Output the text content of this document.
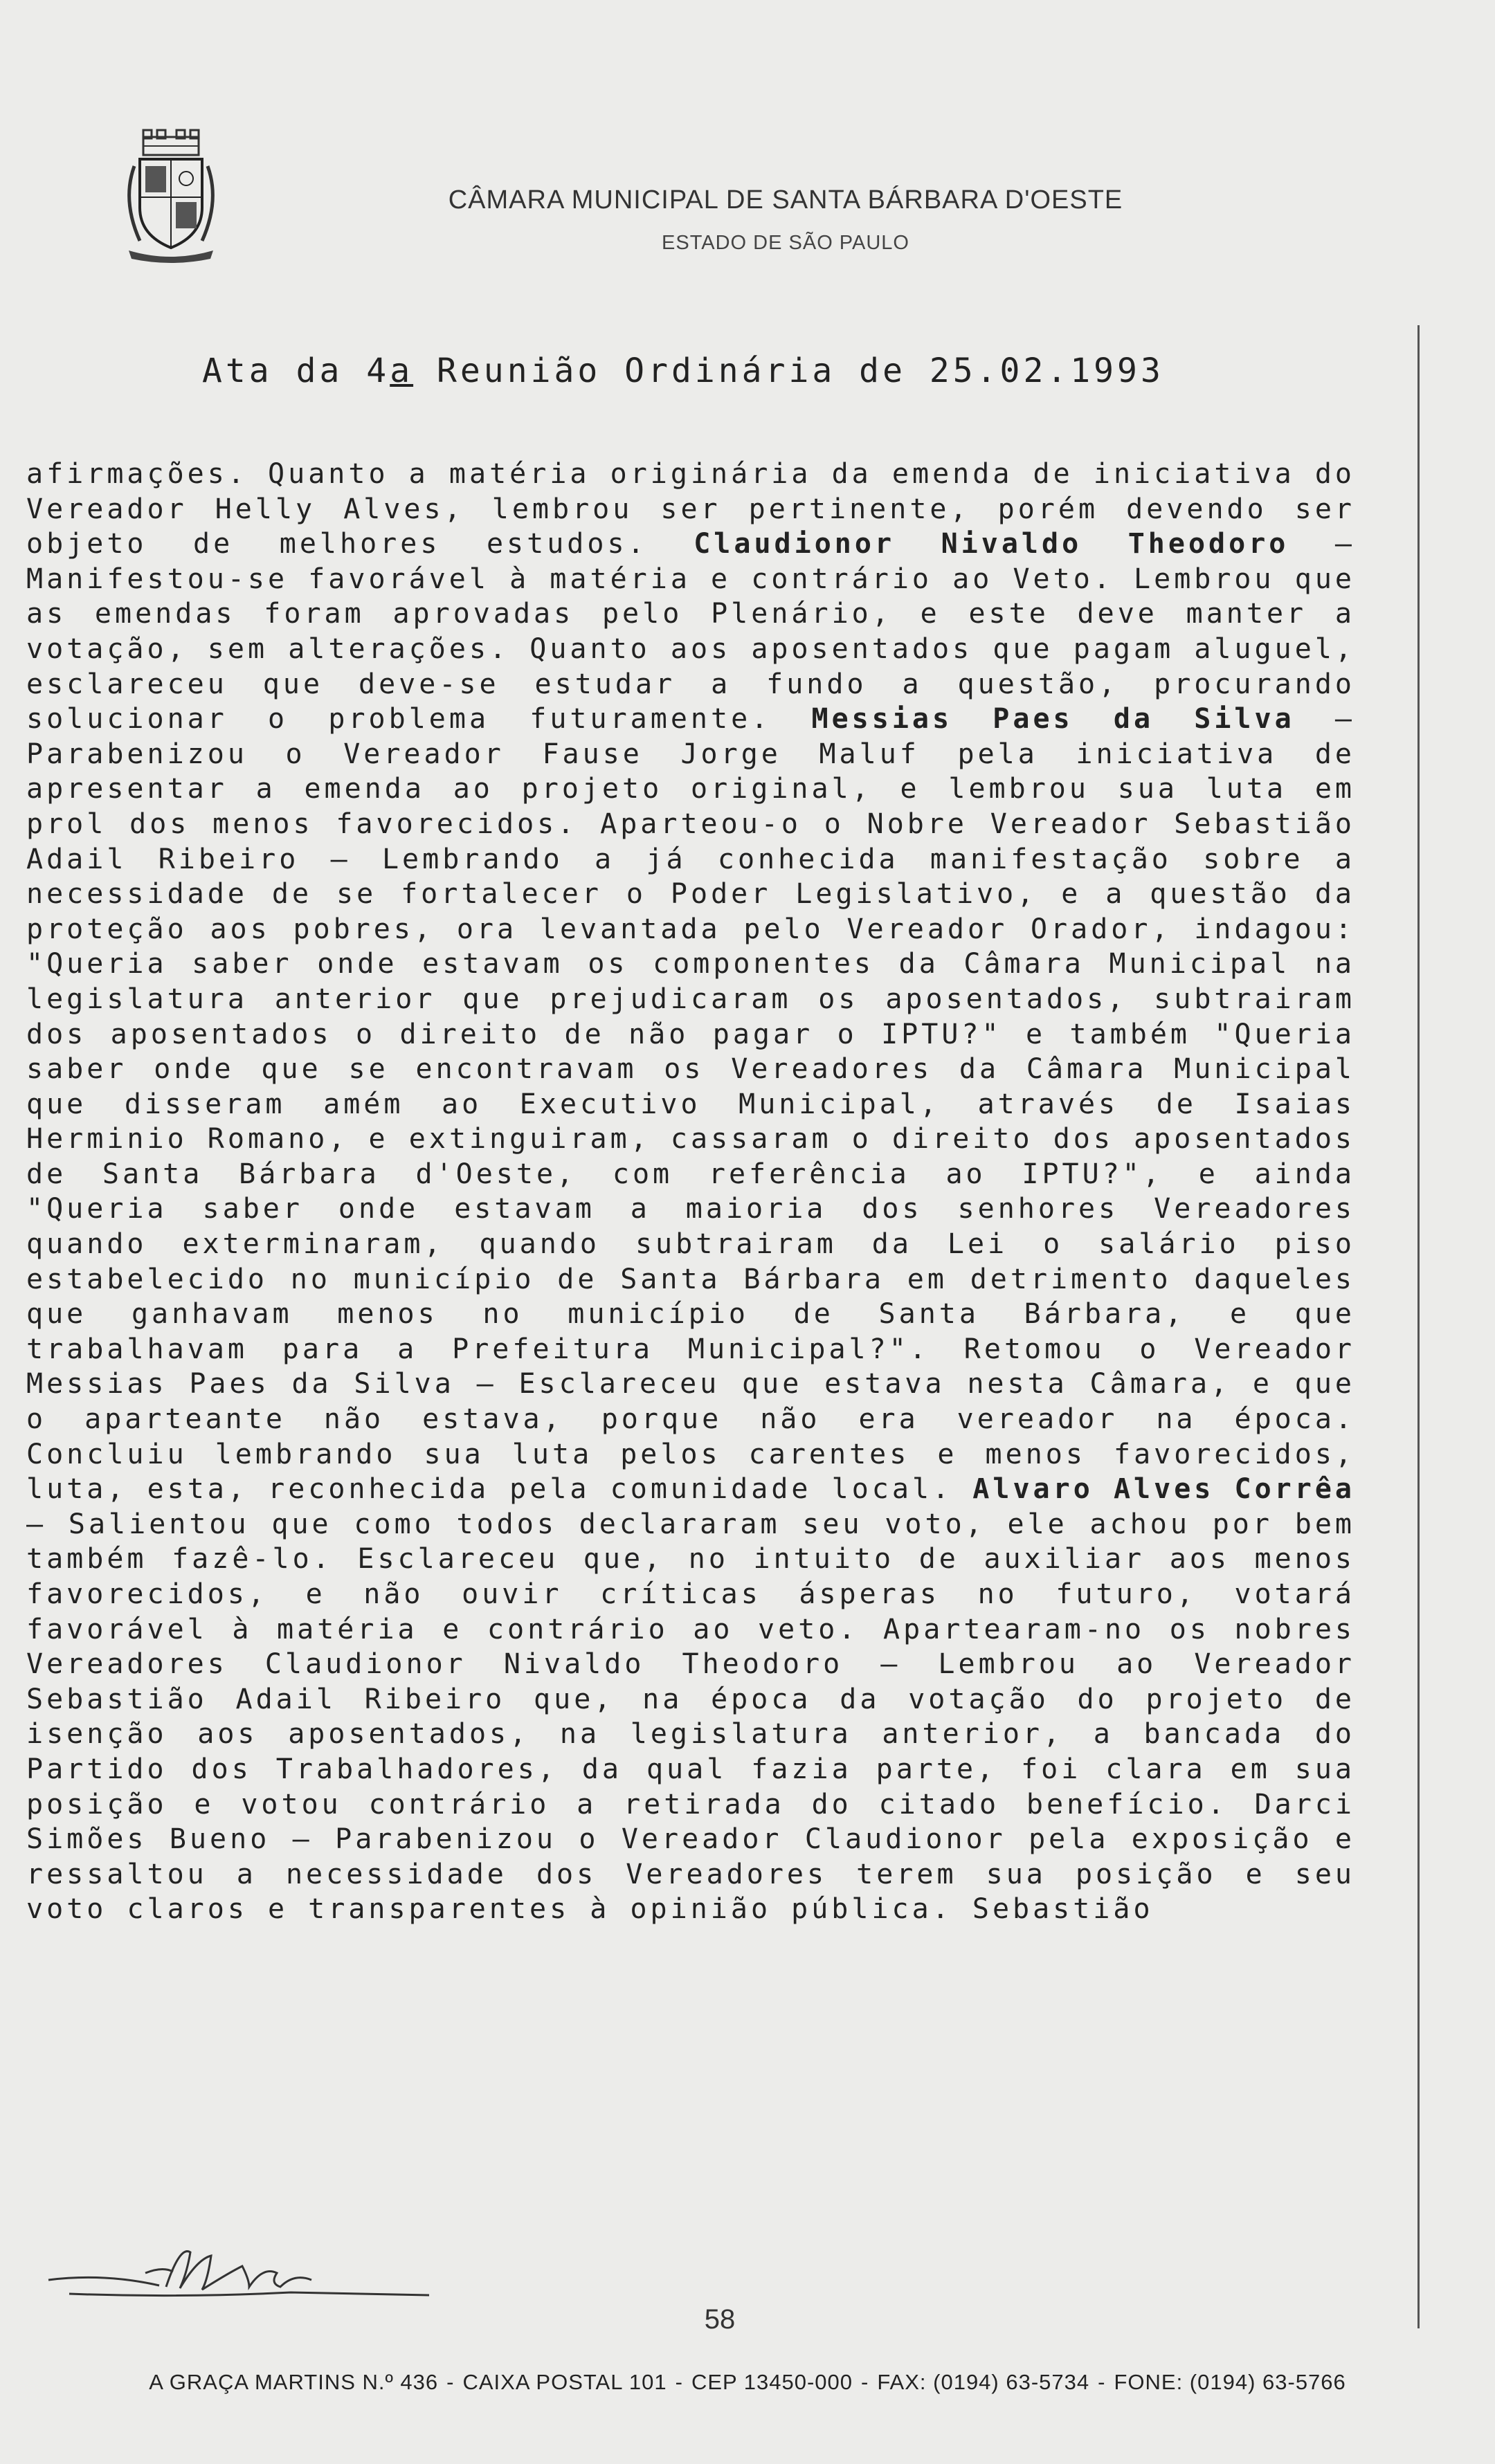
CÂMARA MUNICIPAL DE SANTA BÁRBARA D'OESTE
ESTADO DE SÃO PAULO
Ata da 4a Reunião Ordinária de 25.02.1993
afirmações. Quanto a matéria originária da emenda de iniciativa do Vereador Helly Alves, lembrou ser pertinente, porém devendo ser objeto de melhores estudos. Claudionor Nivaldo Theodoro – Manifestou-se favorável à matéria e contrário ao Veto. Lembrou que as emendas foram aprovadas pelo Plenário, e este deve manter a votação, sem alterações. Quanto aos aposentados que pagam aluguel, esclareceu que deve-se estudar a fundo a questão, procurando solucionar o problema futuramente. Messias Paes da Silva – Parabenizou o Vereador Fause Jorge Maluf pela iniciativa de apresentar a emenda ao projeto original, e lembrou sua luta em prol dos menos favorecidos. Aparteou-o o Nobre Vereador Sebastião Adail Ribeiro – Lembrando a já conhecida manifestação sobre a necessidade de se fortalecer o Poder Legislativo, e a questão da proteção aos pobres, ora levantada pelo Vereador Orador, indagou: "Queria saber onde estavam os componentes da Câmara Municipal na legislatura anterior que prejudicaram os aposentados, subtrairam dos aposentados o direito de não pagar o IPTU?" e também "Queria saber onde que se encontravam os Vereadores da Câmara Municipal que disseram amém ao Executivo Municipal, através de Isaias Herminio Romano, e extinguiram, cassaram o direito dos aposentados de Santa Bárbara d'Oeste, com referência ao IPTU?", e ainda "Queria saber onde estavam a maioria dos senhores Vereadores quando exterminaram, quando subtrairam da Lei o salário piso estabelecido no município de Santa Bárbara em detrimento daqueles que ganhavam menos no município de Santa Bárbara, e que trabalhavam para a Prefeitura Municipal?". Retomou o Vereador Messias Paes da Silva – Esclareceu que estava nesta Câmara, e que o aparteante não estava, porque não era vereador na época. Concluiu lembrando sua luta pelos carentes e menos favorecidos, luta, esta, reconhecida pela comunidade local. Alvaro Alves Corrêa – Salientou que como todos declararam seu voto, ele achou por bem também fazê-lo. Esclareceu que, no intuito de auxiliar aos menos favorecidos, e não ouvir críticas ásperas no futuro, votará favorável à matéria e contrário ao veto. Apartearam-no os nobres Vereadores Claudionor Nivaldo Theodoro – Lembrou ao Vereador Sebastião Adail Ribeiro que, na época da votação do projeto de isenção aos aposentados, na legislatura anterior, a bancada do Partido dos Trabalhadores, da qual fazia parte, foi clara em sua posição e votou contrário a retirada do citado benefício. Darci Simões Bueno – Parabenizou o Vereador Claudionor pela exposição e ressaltou a necessidade dos Vereadores terem sua posição e seu voto claros e transparentes à opinião pública. Sebastião
58
A GRAÇA MARTINS N.º 436 - CAIXA POSTAL 101 - CEP 13450-000 - FAX: (0194) 63-5734 - FONE: (0194) 63-5766
